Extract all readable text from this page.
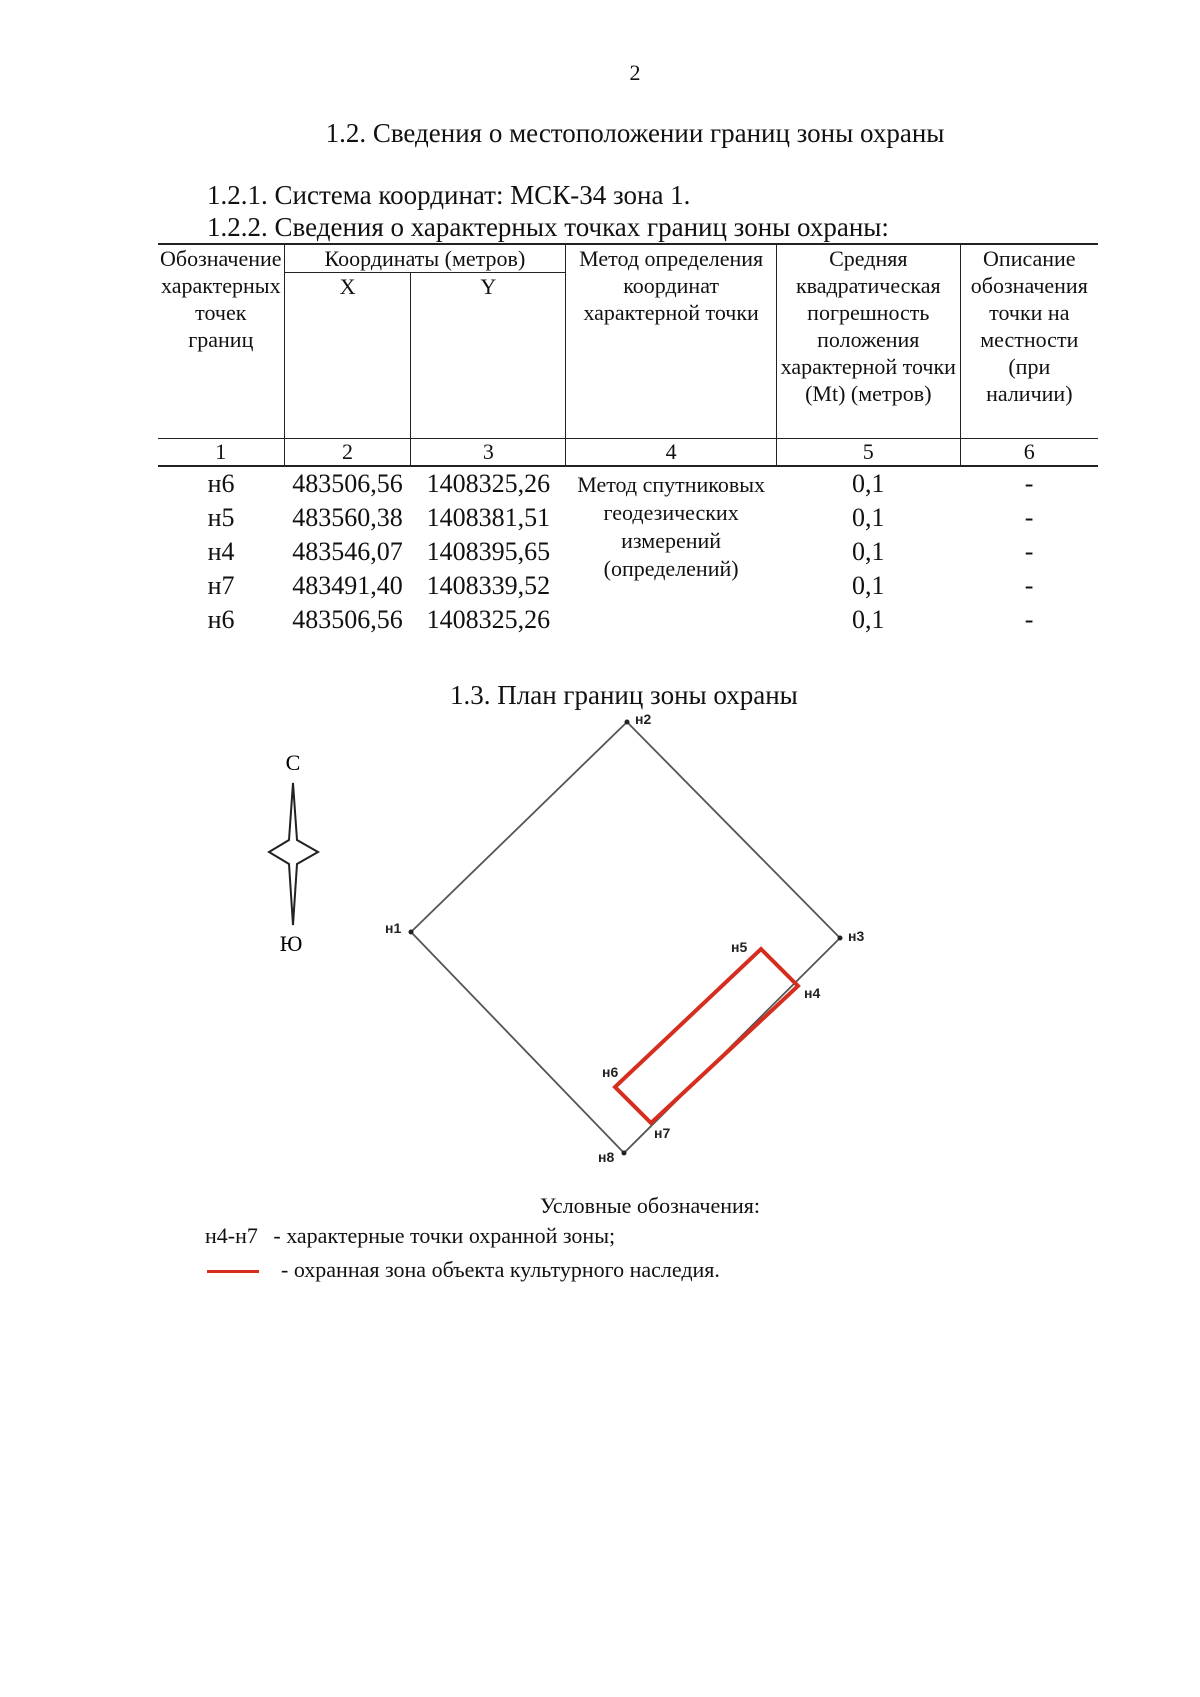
2
1.2. Сведения о местоположении границ зоны охраны
1.2.1. Система координат: МСК-34 зона 1.
1.2.2. Сведения о характерных точках границ зоны охраны:
Обозначение характерных точек границ	Координаты (метров)		Метод определения координат характерной точки	Средняя квадратическая погрешность положения характерной точки (Mt) (метров)	Описание обозначения точки на местности (при наличии)
	X	Y			
1	2	3	4	5	6
н6	483506,56	1408325,26	Метод спутниковых геодезических измерений (определений)	0,1	-
н5	483560,38	1408381,51		0,1	-
н4	483546,07	1408395,65		0,1	-
н7	483491,40	1408339,52		0,1	-
н6	483506,56	1408325,26		0,1	-
1.3. План границ зоны охраны
С
Ю
н1
н2
н3
н8
н4
н5
н6
н7
Условные обозначения:
н4-н7 - характерные точки охранной зоны;
- охранная зона объекта культурного наследия.
